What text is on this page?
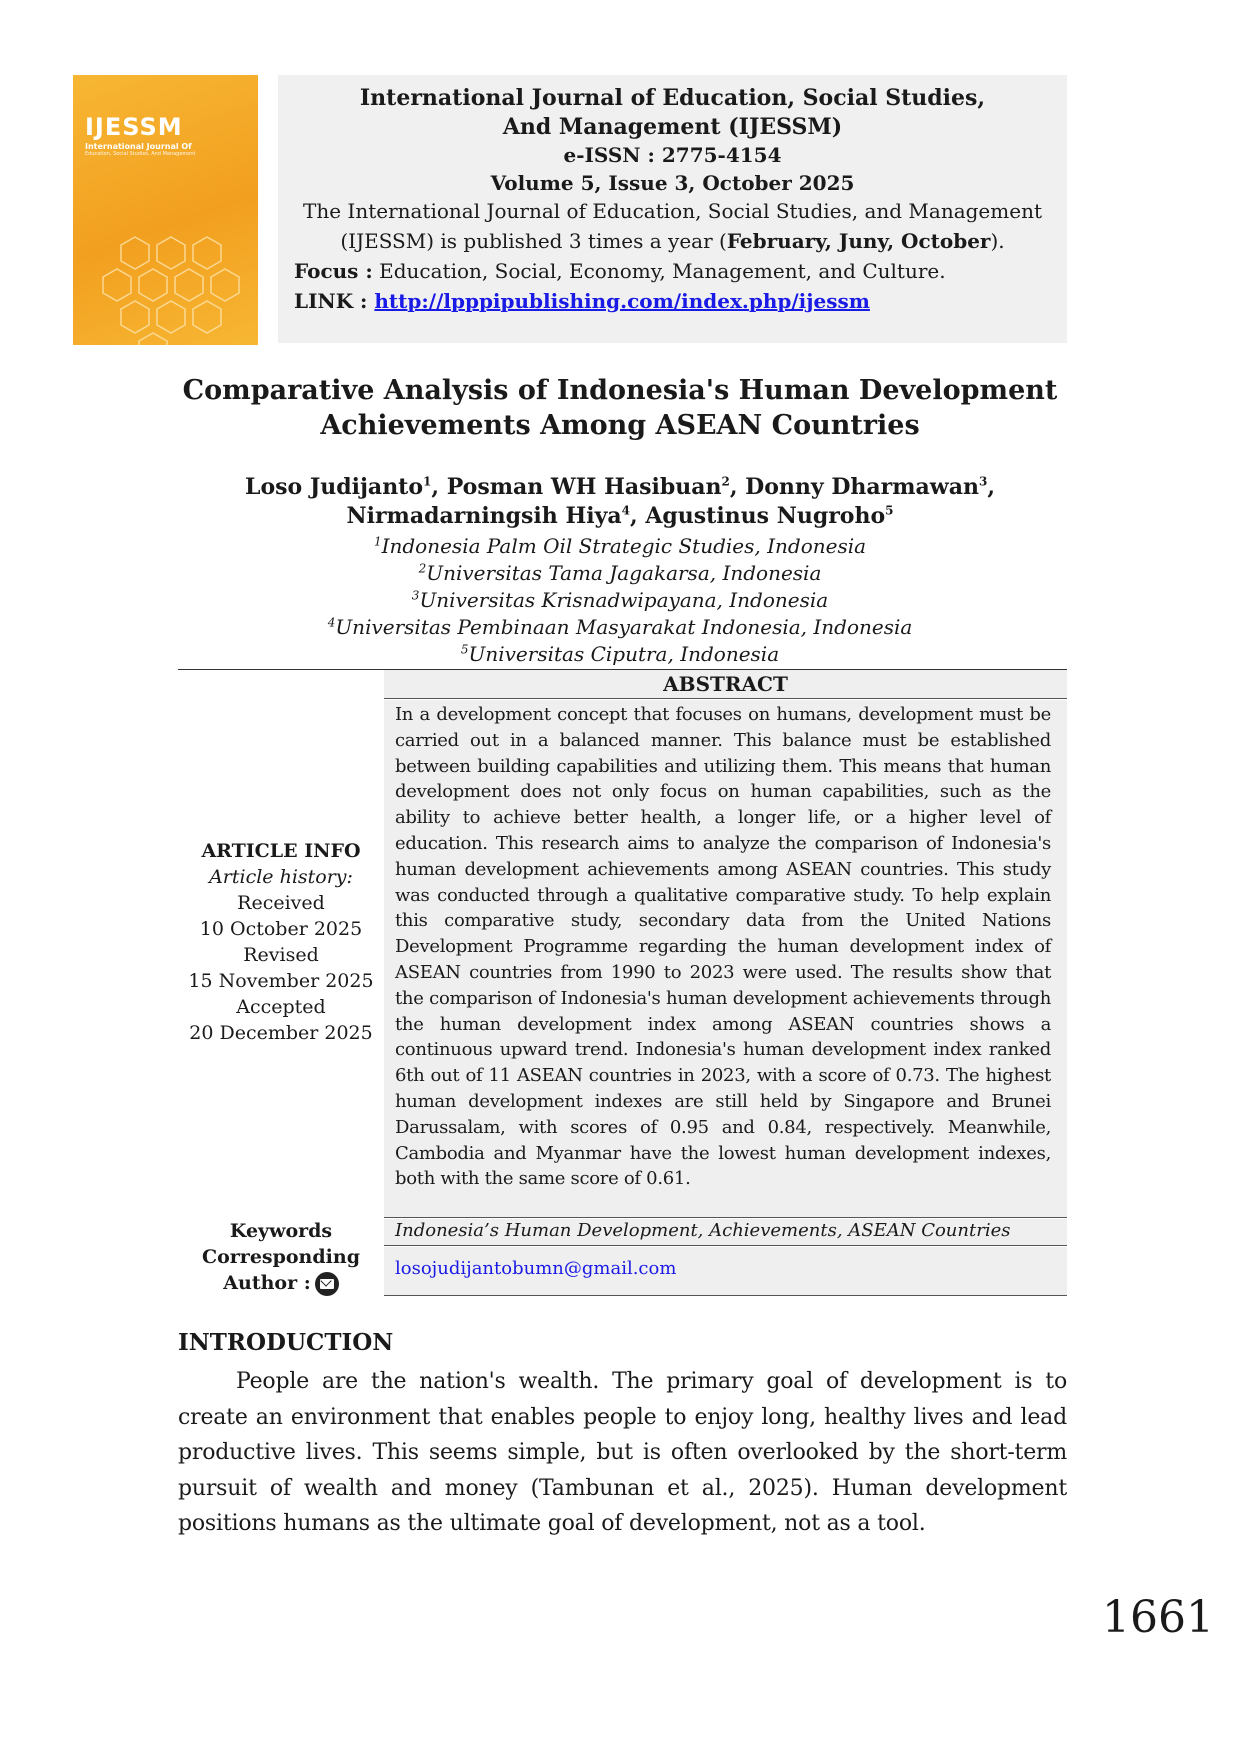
IJESSM
International Journal Of
Education, Social Studies, And Management
International Journal of Education, Social Studies,
And Management (IJESSM)
e-ISSN : 2775-4154
Volume 5, Issue 3, October 2025
The International Journal of Education, Social Studies, and Management
(IJESSM) is published 3 times a year (February, Juny, October).
Focus : Education, Social, Economy, Management, and Culture.
LINK : http://lpppipublishing.com/index.php/ijessm
Comparative Analysis of Indonesia's Human Development
Achievements Among ASEAN Countries
Loso Judijanto$^1$, Posman WH Hasibuan$^2$, Donny Dharmawan$^3$,
Nirmadarningsih Hiya$^4$, Agustinus Nugroho$^5$
$^1$Indonesia Palm Oil Strategic Studies, Indonesia
$^2$Universitas Tama Jagakarsa, Indonesia
$^3$Universitas Krisnadwipayana, Indonesia
$^4$Universitas Pembinaan Masyarakat Indonesia, Indonesia
$^5$Universitas Ciputra, Indonesia
ABSTRACT

In a development concept that focuses on humans, development must be carried out in a balanced manner. This balance must be established between building capabilities and utilizing them. This means that human development does not only focus on human capabilities, such as the ability to achieve better health, a longer life, or a higher level of education. This research aims to analyze the comparison of Indonesia's human development achievements among ASEAN countries. This study was conducted through a qualitative comparative study. To help explain this comparative study, secondary data from the United Nations Development Programme regarding the human development index of ASEAN countries from 1990 to 2023 were used. The results show that the comparison of Indonesia's human development achievements through the human development index among ASEAN countries shows a continuous upward trend. Indonesia's human development index ranked 6th out of 11 ASEAN countries in 2023, with a score of 0.73. The highest human development indexes are still held by Singapore and Brunei Darussalam, with scores of 0.95 and 0.84, respectively. Meanwhile, Cambodia and Myanmar have the lowest human development indexes, both with the same score of 0.61.

Indonesia’s Human Development, Achievements, ASEAN Countries
losojudijantobumn@gmail.com
ARTICLE INFO
Article history:
Received
10 October 2025
Revised
15 November 2025
Accepted
20 December 2025
Keywords
Corresponding
Author :
INTRODUCTION

People are the nation's wealth. The primary goal of development is to create an environment that enables people to enjoy long, healthy lives and lead productive lives. This seems simple, but is often overlooked by the short-term pursuit of wealth and money (Tambunan et al., 2025). Human development positions humans as the ultimate goal of development, not as a tool.

1661
